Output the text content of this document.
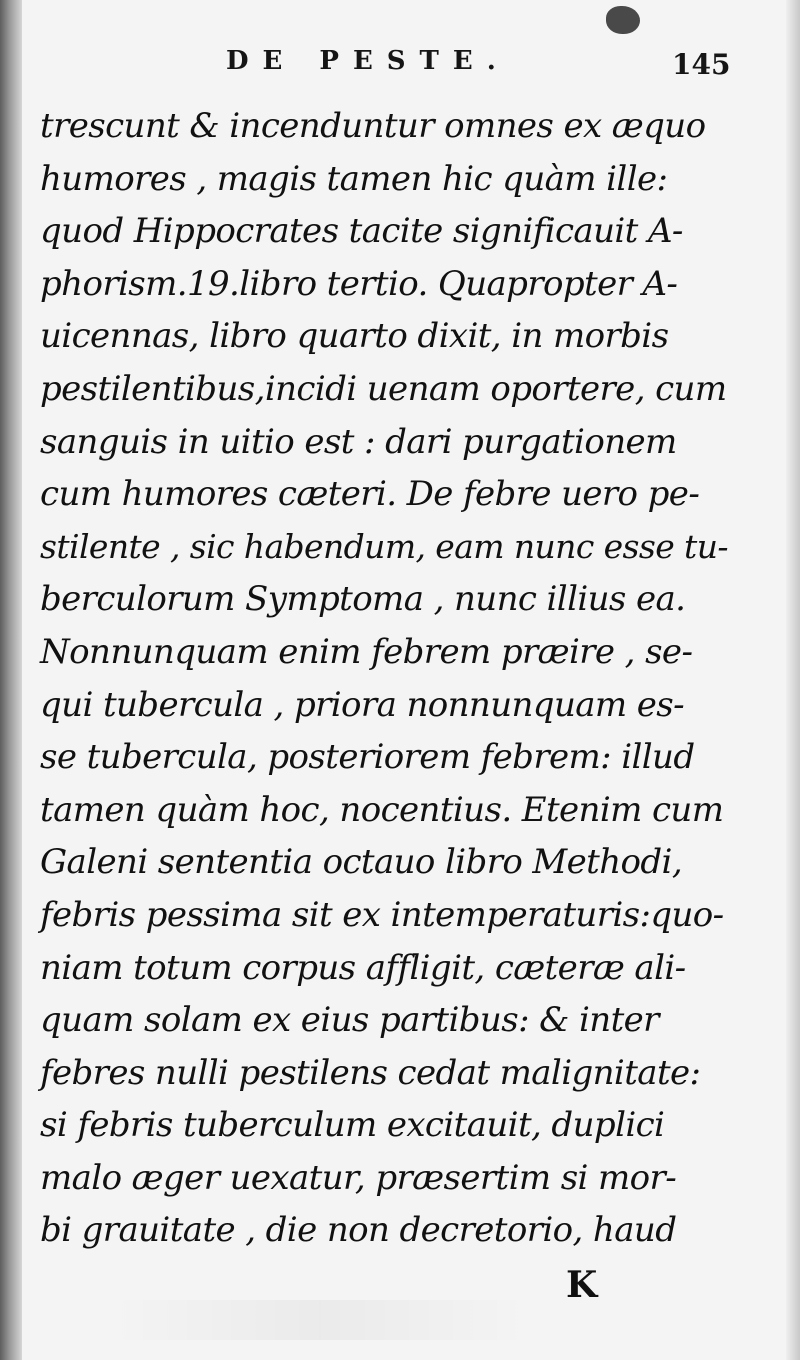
DE PESTE.	145
trescunt & incenduntur omnes ex æquo
humores , magis tamen hic quàm ille:
quod Hippocrates tacite significauit A-
phorism.19.libro tertio. Quapropter A-
uicennas, libro quarto dixit, in morbis
pestilentibus,incidi uenam oportere, cum
sanguis in uitio est : dari purgationem
cum humores cæteri. De febre uero pe-
stilente , sic habendum, eam nunc esse tu-
berculorum Symptoma , nunc illius ea.
Nonnunquam enim febrem præire , se-
qui tubercula , priora nonnunquam es-
se tubercula, posteriorem febrem: illud
tamen quàm hoc, nocentius. Etenim cum
Galeni sententia octauo libro Methodi,
febris pessima sit ex intemperaturis:quo-
niam totum corpus affligit, cæteræ ali-
quam solam ex eius partibus: & inter
febres nulli pestilens cedat malignitate:
si febris tuberculum excitauit, duplici
malo æger uexatur, præsertim si mor-
bi grauitate , die non decretorio, haud
K
